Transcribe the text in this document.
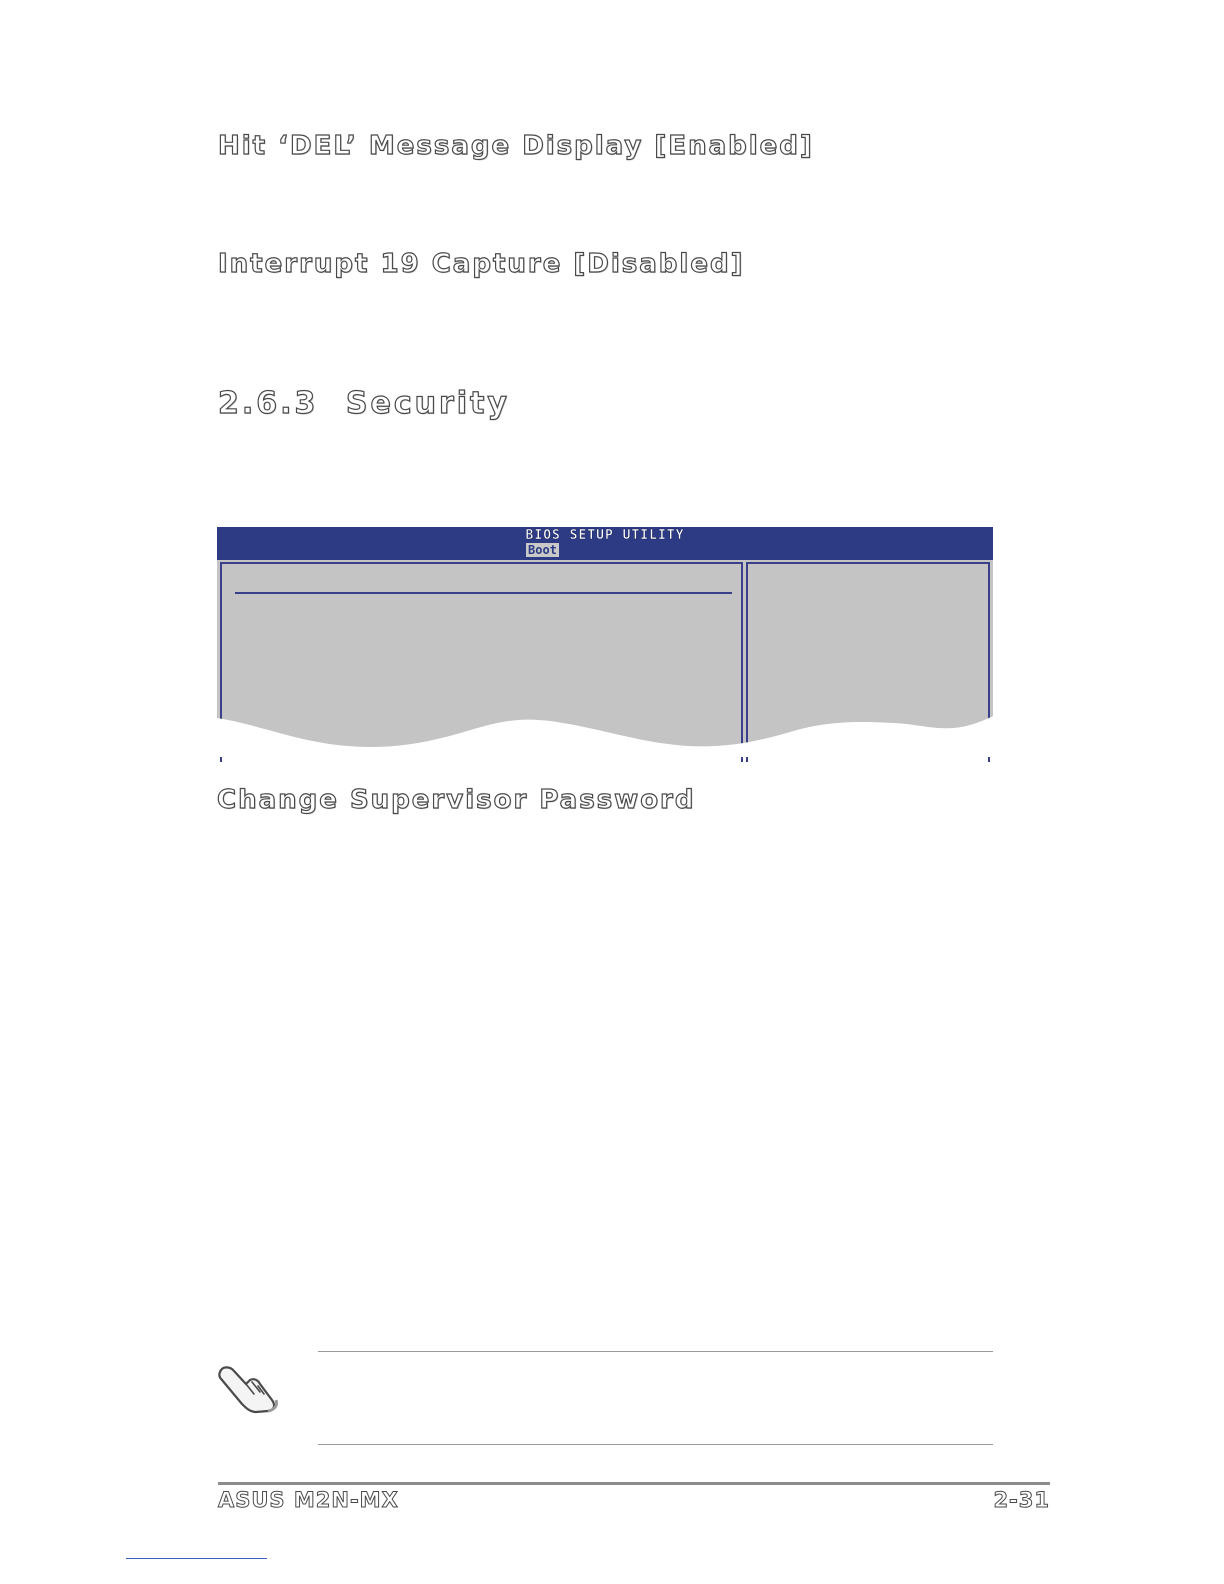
Hit ‘DEL’ Message Display [Enabled]
Interrupt 19 Capture [Disabled]
2.6.3 Security
BIOS SETUP UTILITY
Boot
Change Supervisor Password
ASUS M2N-MX	2-31
